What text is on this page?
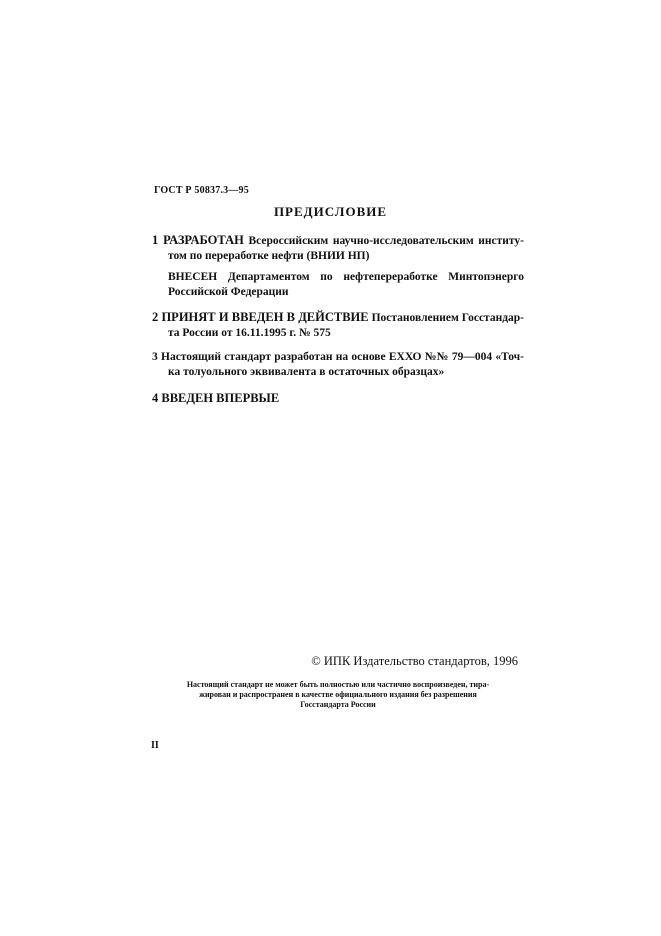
ГОСТ Р 50837.3—95
ПРЕДИСЛОВИЕ
1 РАЗРАБОТАН Всероссийским научно-исследовательским институ-
том по переработке нефти (ВНИИ НП)
ВНЕСЕН Департаментом по нефтепереработке Минтопэнерго
Российской Федерации
2 ПРИНЯТ И ВВЕДЕН В ДЕЙСТВИЕ Постановлением Госстандар-
та России от 16.11.1995 г. № 575
3 Настоящий стандарт разработан на основе ЕХХО №№ 79—004 «Точ-
ка толуольного эквивалента в остаточных образцах»
4 ВВЕДЕН ВПЕРВЫЕ
© ИПК Издательство стандартов, 1996
Настоящий стандарт не может быть полностью или частично воспроизведен, тира-
жирован и распространен в качестве официального издания без разрешения
Госстандарта России
II
